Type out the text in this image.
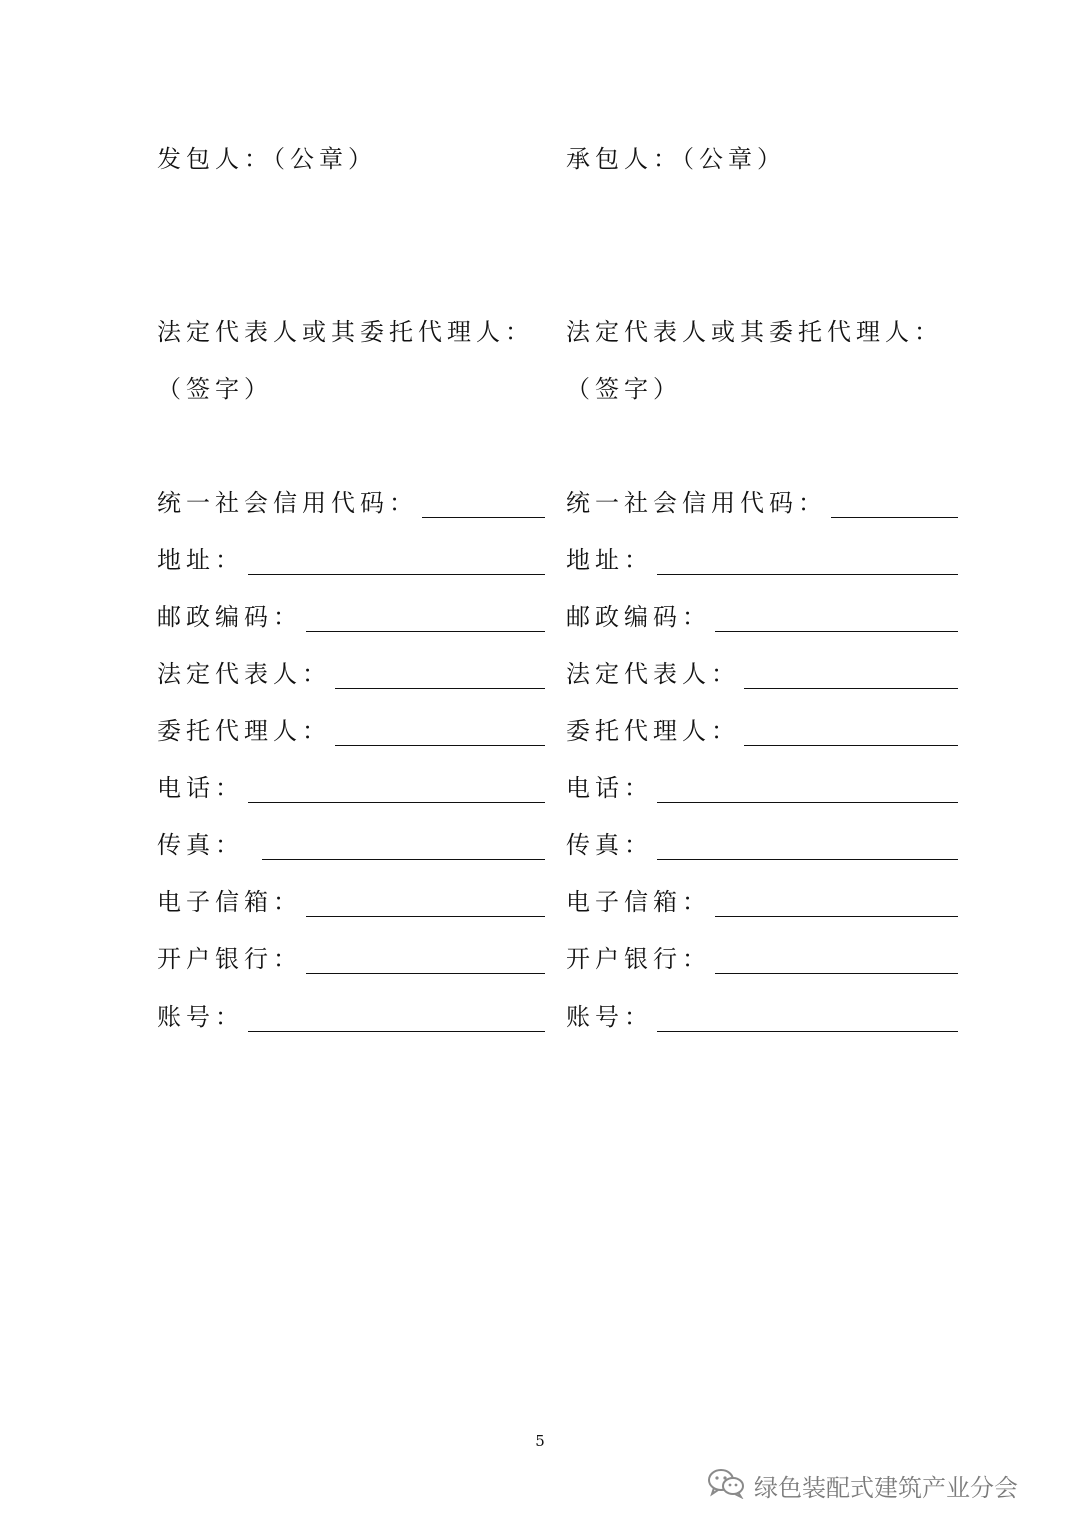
发包人：（公章）
法定代表人或其委托代理人：
（签字）
统一社会信用代码：
地址：
邮政编码：
法定代表人：
委托代理人：
电话：
传真：
电子信箱：
开户银行：
账号：
承包人：（公章）
法定代表人或其委托代理人：
（签字）
统一社会信用代码：
地址：
邮政编码：
法定代表人：
委托代理人：
电话：
传真：
电子信箱：
开户银行：
账号：
5
绿色装配式建筑产业分会
